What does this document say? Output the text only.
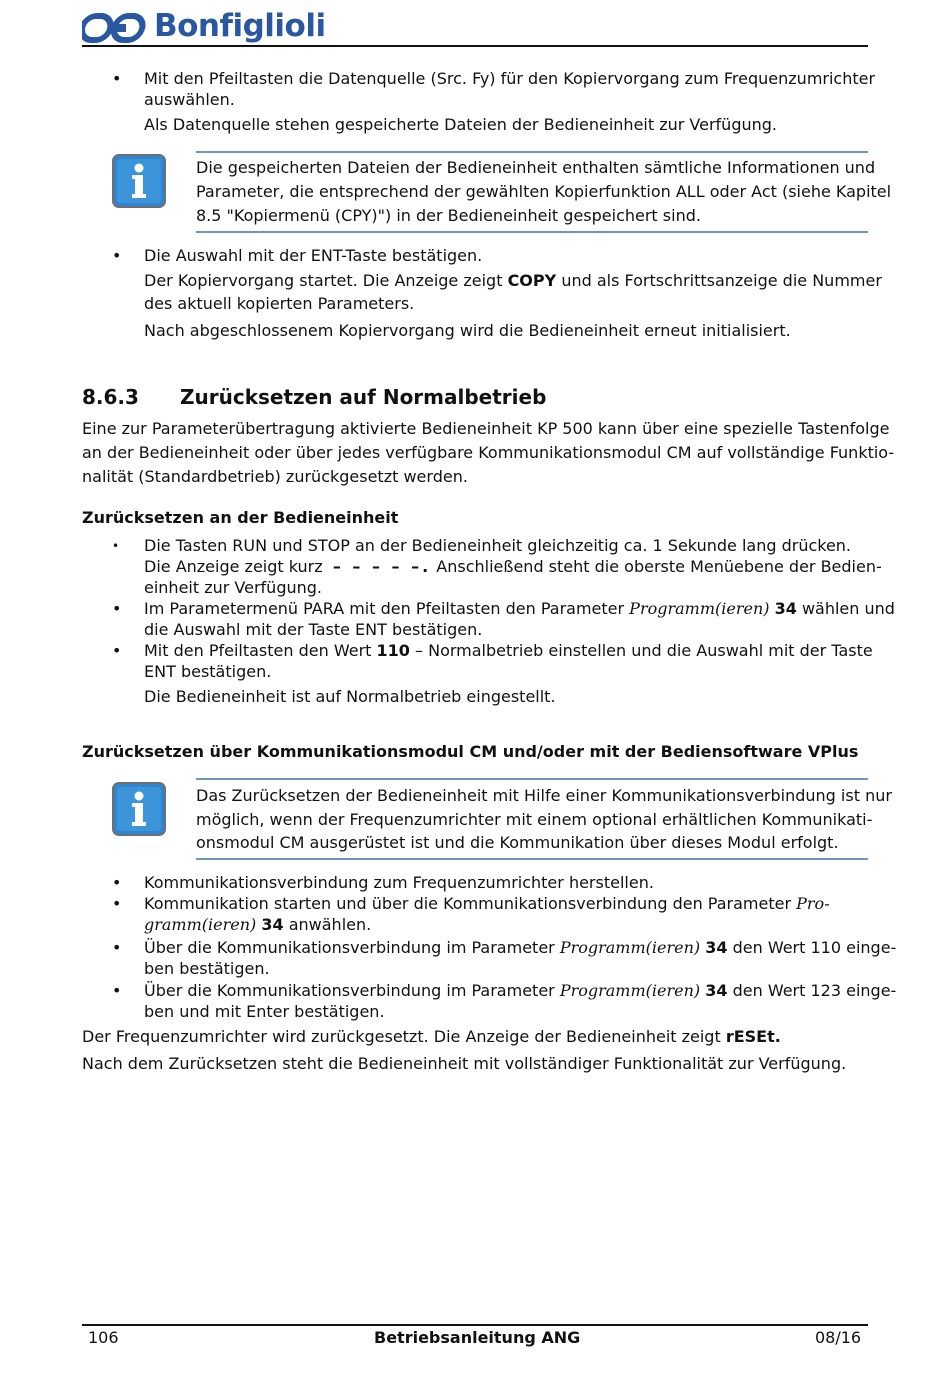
Bonfiglioli
• Mit den Pfeiltasten die Datenquelle (Src. Fy) für den Kopiervorgang zum Frequenzumrichter
auswählen.
Als Datenquelle stehen gespeicherte Dateien der Bedieneinheit zur Verfügung.
Die gespeicherten Dateien der Bedieneinheit enthalten sämtliche Informationen und
Parameter, die entsprechend der gewählten Kopierfunktion ALL oder Act (siehe Kapitel
8.5 "Kopiermenü (CPY)") in der Bedieneinheit gespeichert sind.
• Die Auswahl mit der ENT-Taste bestätigen.
Der Kopiervorgang startet. Die Anzeige zeigt COPY und als Fortschrittsanzeige die Nummer
des aktuell kopierten Parameters.
Nach abgeschlossenem Kopiervorgang wird die Bedieneinheit erneut initialisiert.
8.6.3 Zurücksetzen auf Normalbetrieb
Eine zur Parameterübertragung aktivierte Bedieneinheit KP 500 kann über eine spezielle Tastenfolge
an der Bedieneinheit oder über jedes verfügbare Kommunikationsmodul CM auf vollständige Funktio-
nalität (Standardbetrieb) zurückgesetzt werden.
Zurücksetzen an der Bedieneinheit
• Die Tasten RUN und STOP an der Bedieneinheit gleichzeitig ca. 1 Sekunde lang drücken.
Die Anzeige zeigt kurz – – – – –. Anschließend steht die oberste Menüebene der Bedien-
einheit zur Verfügung.
• Im Parametermenü PARA mit den Pfeiltasten den Parameter Programm(ieren) 34 wählen und
die Auswahl mit der Taste ENT bestätigen.
• Mit den Pfeiltasten den Wert 110 – Normalbetrieb einstellen und die Auswahl mit der Taste
ENT bestätigen.
Die Bedieneinheit ist auf Normalbetrieb eingestellt.
Zurücksetzen über Kommunikationsmodul CM und/oder mit der Bediensoftware VPlus
Das Zurücksetzen der Bedieneinheit mit Hilfe einer Kommunikationsverbindung ist nur
möglich, wenn der Frequenzumrichter mit einem optional erhältlichen Kommunikati-
onsmodul CM ausgerüstet ist und die Kommunikation über dieses Modul erfolgt.
• Kommunikationsverbindung zum Frequenzumrichter herstellen.
• Kommunikation starten und über die Kommunikationsverbindung den Parameter Pro-
gramm(ieren) 34 anwählen.
• Über die Kommunikationsverbindung im Parameter Programm(ieren) 34 den Wert 110 einge-
ben bestätigen.
• Über die Kommunikationsverbindung im Parameter Programm(ieren) 34 den Wert 123 einge-
ben und mit Enter bestätigen.
Der Frequenzumrichter wird zurückgesetzt. Die Anzeige der Bedieneinheit zeigt rESEt.
Nach dem Zurücksetzen steht die Bedieneinheit mit vollständiger Funktionalität zur Verfügung.
106	Betriebsanleitung ANG	08/16
